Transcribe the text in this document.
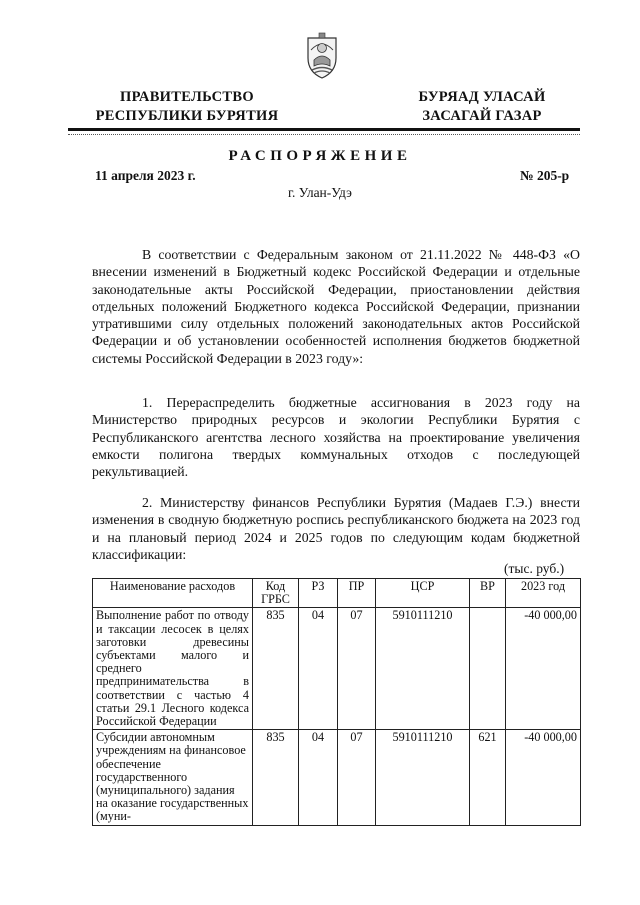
ПРАВИТЕЛЬСТВО
РЕСПУБЛИКИ БУРЯТИЯ
БУРЯАД УЛАСАЙ
ЗАСАГАЙ ГАЗАР
РАСПОРЯЖЕНИЕ
11 апреля 2023 г.	№ 205-р
г. Улан-Удэ

В соответствии с Федеральным законом от 21.11.2022 № 448-ФЗ «О внесении изменений в Бюджетный кодекс Российской Федерации и отдельные законодательные акты Российской Федерации, приостановлении действия отдельных положений Бюджетного кодекса Российской Федерации, признании утратившими силу отдельных положений законодательных актов Российской Федерации и об установлении особенностей исполнения бюджетов бюджетной системы Российской Федерации в 2023 году»:

1. Перераспределить бюджетные ассигнования в 2023 году на Министерство природных ресурсов и экологии Республики Бурятия с Республиканского агентства лесного хозяйства на проектирование увеличения емкости полигона твердых коммунальных отходов с последующей рекультивацией.

2. Министерству финансов Республики Бурятия (Мадаев Г.Э.) внести изменения в сводную бюджетную роспись республиканского бюджета на 2023 год и на плановый период 2024 и 2025 годов по следующим кодам бюджетной классификации:

(тыс. руб.)
Наименование расходов	Код ГРБС	РЗ	ПР	ЦСР	ВР	2023 год
Выполнение работ по отводу и таксации лесосек в целях заготовки древесины субъектами малого и среднего предпринимательства в соответствии с частью 4 статьи 29.1 Лесного кодекса Российской Федерации	835	04	07	5910111210		-40 000,00
Субсидии автономным учреждениям на финансовое обеспечение государственного (муниципального) задания на оказание государственных (муни-	835	04	07	5910111210	621	-40 000,00
